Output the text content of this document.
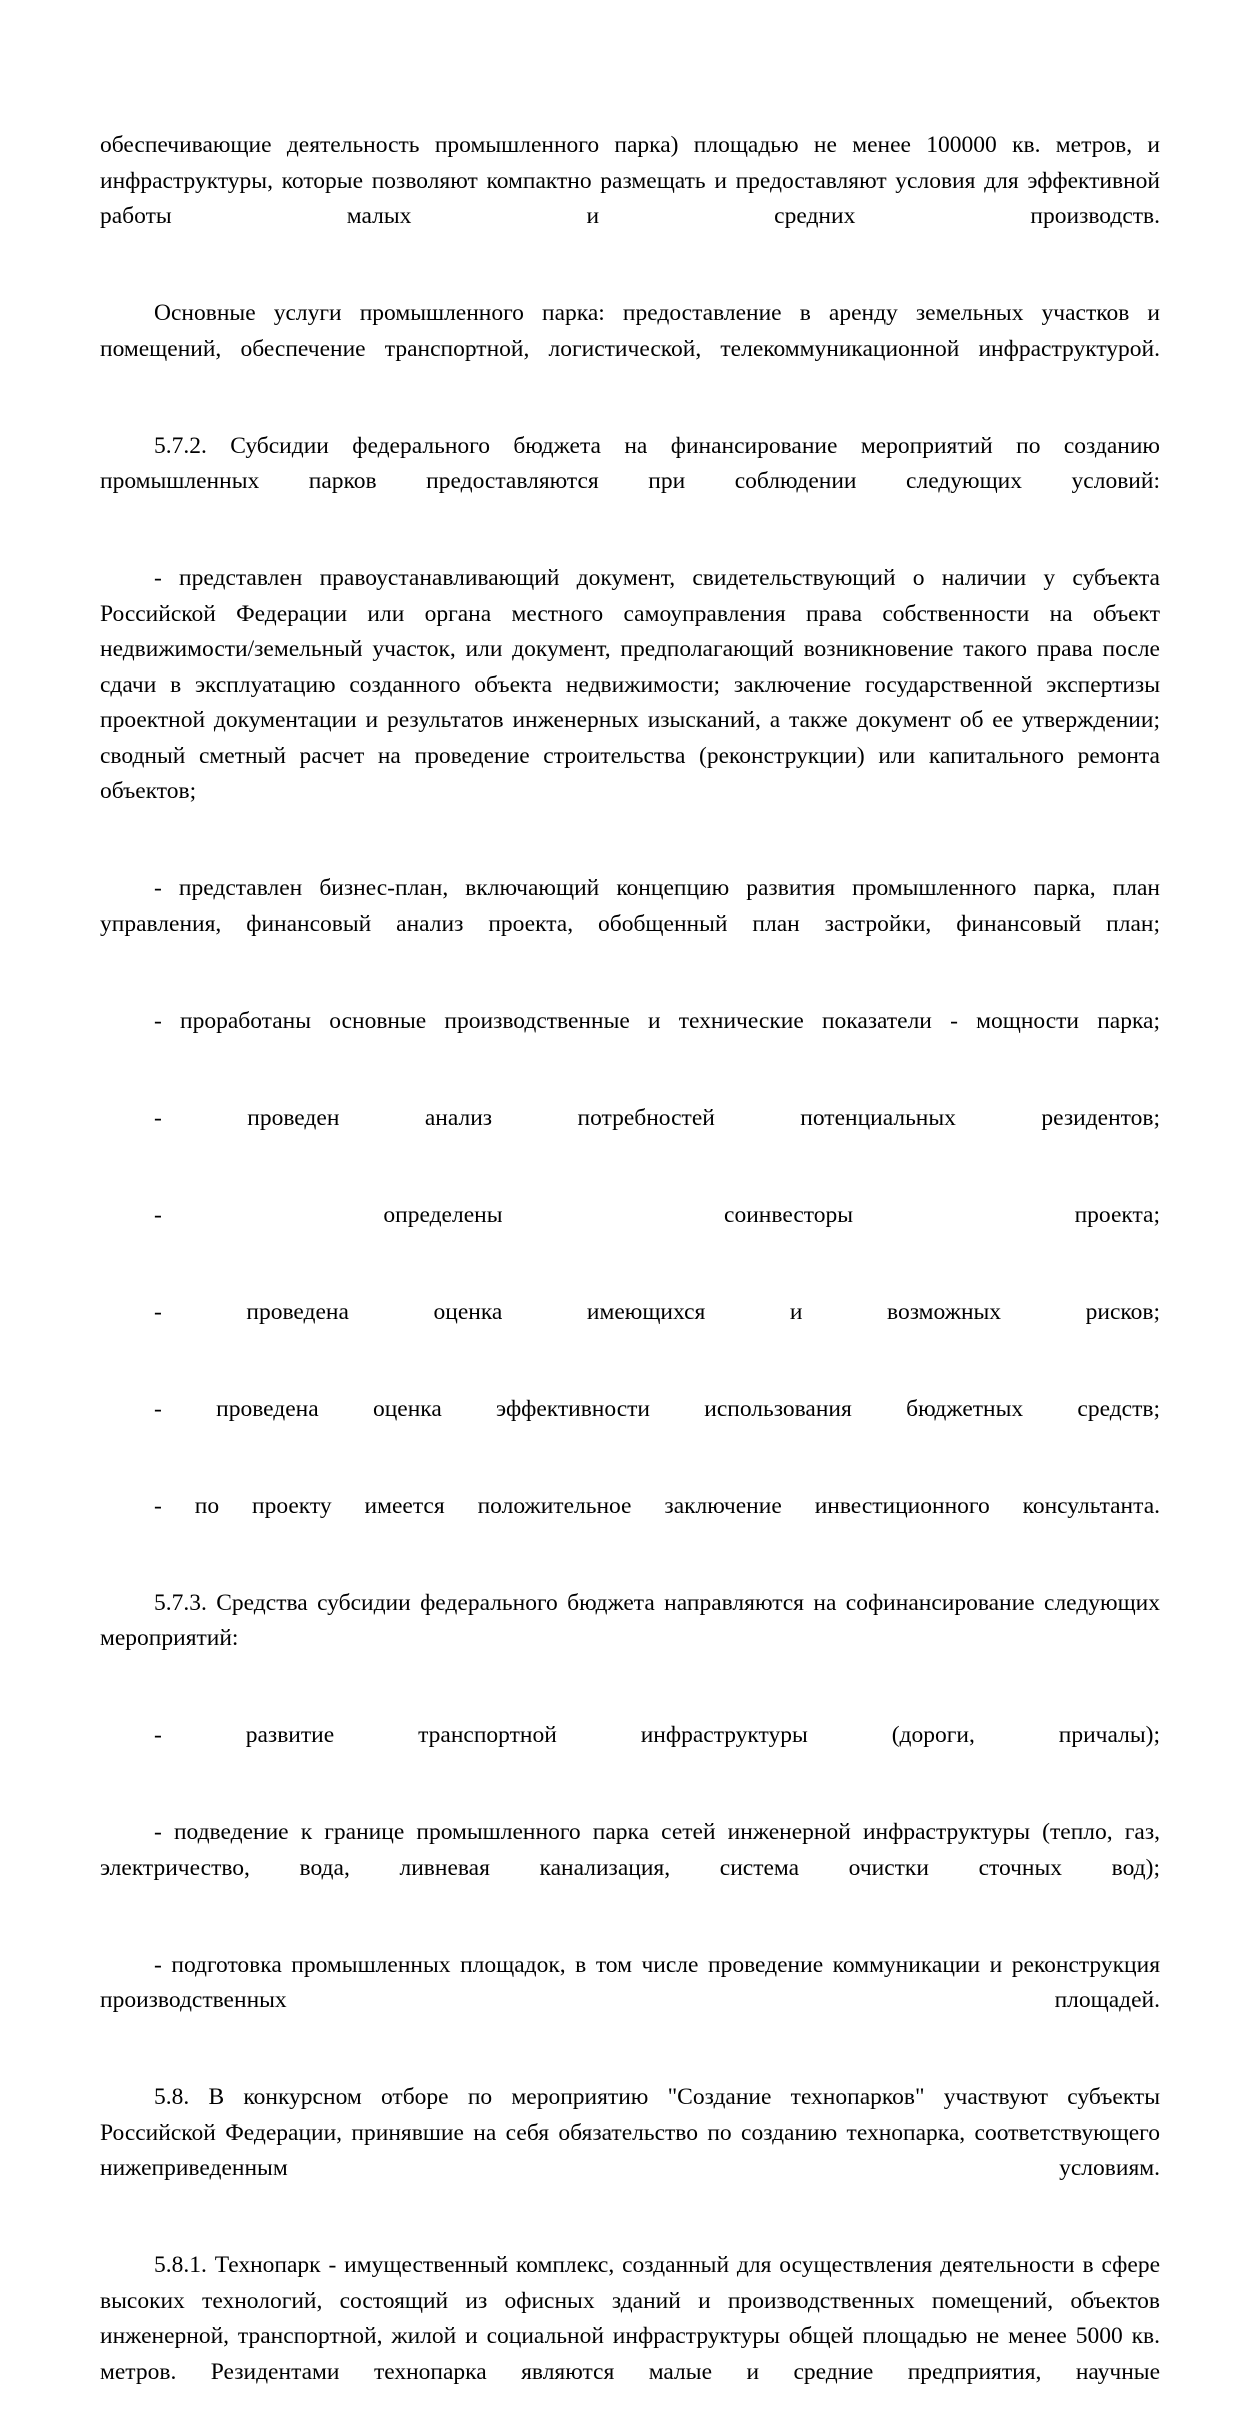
обеспечивающие деятельность промышленного парка) площадью не менее 100000 кв. метров, и инфраструктуры, которые позволяют компактно размещать и предоставляют условия для эффективной работы малых и средних производств.

Основные услуги промышленного парка: предоставление в аренду земельных участков и помещений, обеспечение транспортной, логистической, телекоммуникационной инфраструктурой.

5.7.2. Субсидии федерального бюджета на финансирование мероприятий по созданию промышленных парков предоставляются при соблюдении следующих условий:

- представлен правоустанавливающий документ, свидетельствующий о наличии у субъекта Российской Федерации или органа местного самоуправления права собственности на объект недвижимости/земельный участок, или документ, предполагающий возникновение такого права после сдачи в эксплуатацию созданного объекта недвижимости; заключение государственной экспертизы проектной документации и результатов инженерных изысканий, а также документ об ее утверждении; сводный сметный расчет на проведение строительства (реконструкции) или капитального ремонта объектов;

- представлен бизнес-план, включающий концепцию развития промышленного парка, план управления, финансовый анализ проекта, обобщенный план застройки, финансовый план;

- проработаны основные производственные и технические показатели - мощности парка;

- проведен анализ потребностей потенциальных резидентов;

- определены соинвесторы проекта;

- проведена оценка имеющихся и возможных рисков;

- проведена оценка эффективности использования бюджетных средств;

- по проекту имеется положительное заключение инвестиционного консультанта.

5.7.3. Средства субсидии федерального бюджета направляются на софинансирование следующих мероприятий:

- развитие транспортной инфраструктуры (дороги, причалы);

- подведение к границе промышленного парка сетей инженерной инфраструктуры (тепло, газ, электричество, вода, ливневая канализация, система очистки сточных вод);

- подготовка промышленных площадок, в том числе проведение коммуникации и реконструкция производственных площадей.

5.8. В конкурсном отборе по мероприятию "Создание технопарков" участвуют субъекты Российской Федерации, принявшие на себя обязательство по созданию технопарка, соответствующего нижеприведенным условиям.

5.8.1. Технопарк - имущественный комплекс, созданный для осуществления деятельности в сфере высоких технологий, состоящий из офисных зданий и производственных помещений, объектов инженерной, транспортной, жилой и социальной инфраструктуры общей площадью не менее 5000 кв. метров. Резидентами технопарка являются малые и средние предприятия, научные
